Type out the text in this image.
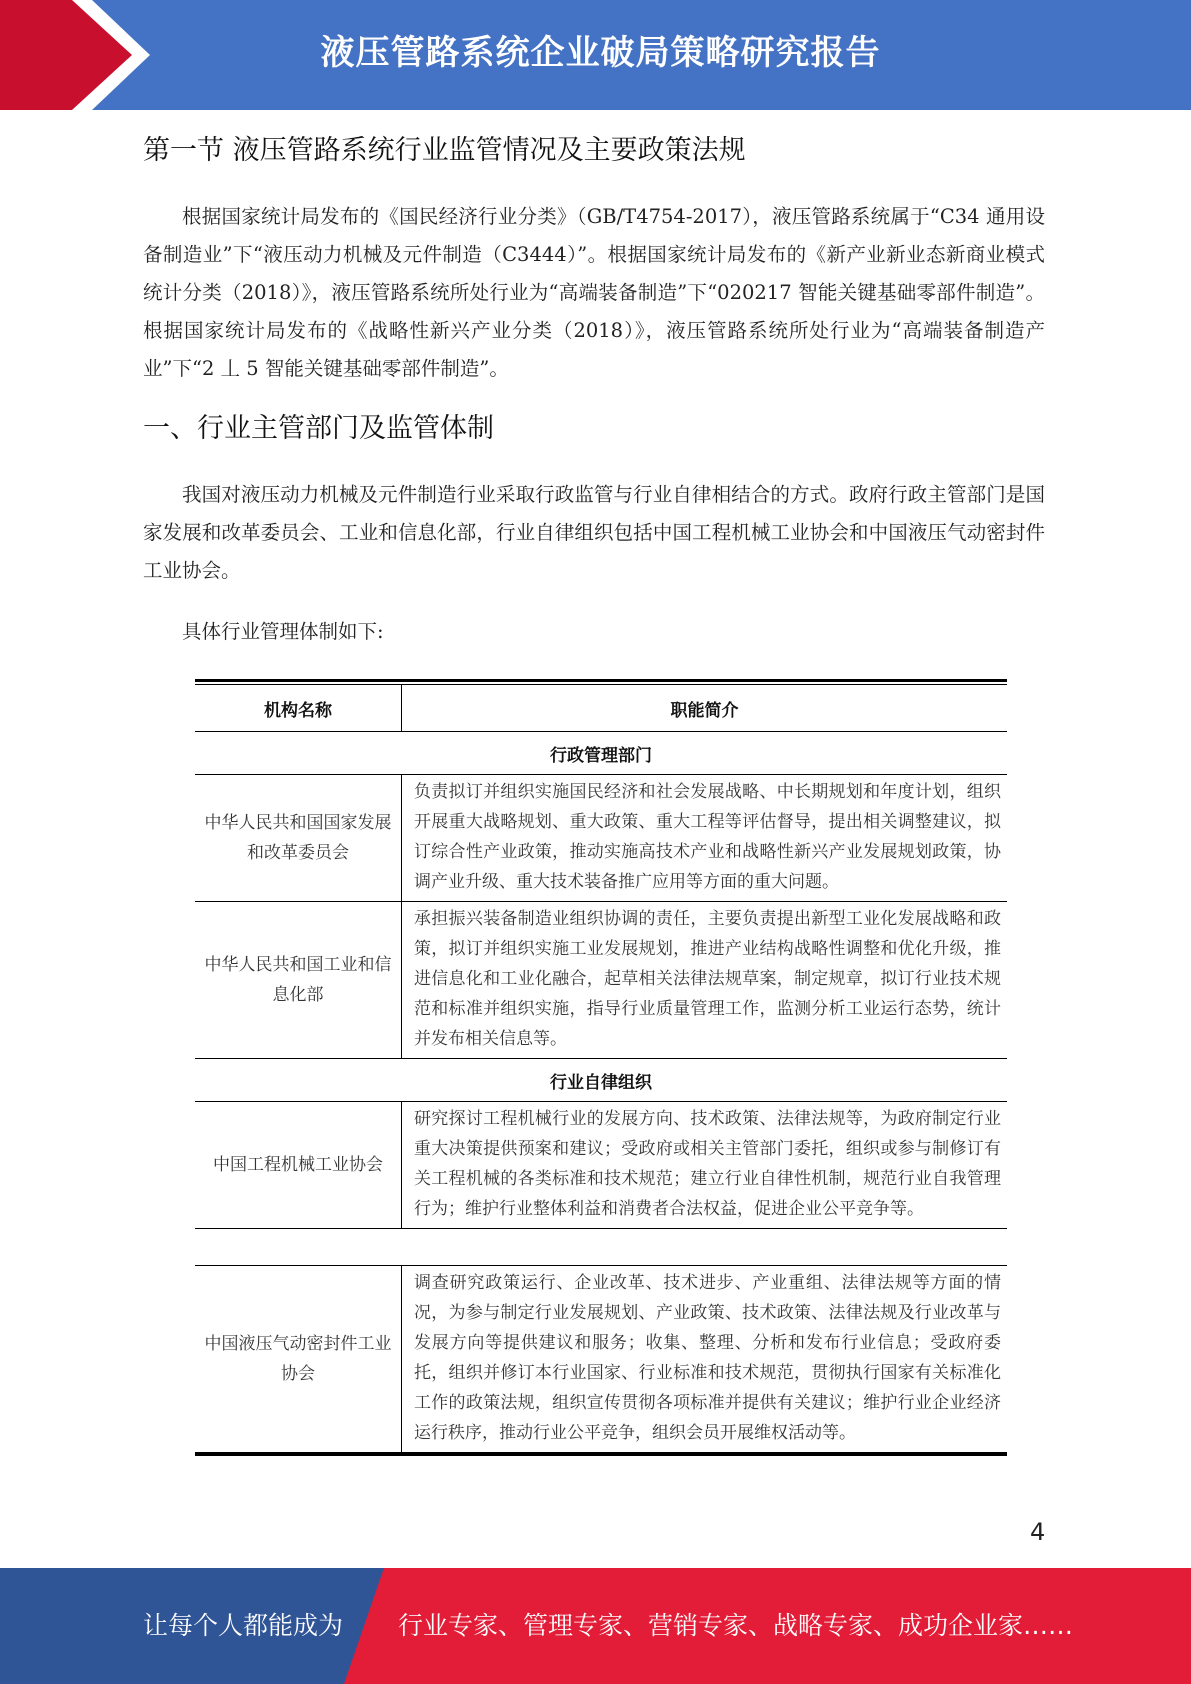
液压管路系统企业破局策略研究报告
第一节 液压管路系统行业监管情况及主要政策法规

根据国家统计局发布的《国民经济行业分类》（GB/T4754-2017），液压管路系统属于“C34 通用设备制造业”下“液压动力机械及元件制造（C3444）”。根据国家统计局发布的《新产业新业态新商业模式统计分类（2018）》，液压管路系统所处行业为“高端装备制造”下“020217 智能关键基础零部件制造”。根据国家统计局发布的《战略性新兴产业分类（2018）》，液压管路系统所处行业为“高端装备制造产业”下“2 丄 5 智能关键基础零部件制造”。

一、行业主管部门及监管体制

我国对液压动力机械及元件制造行业采取行政监管与行业自律相结合的方式。政府行政主管部门是国家发展和改革委员会、工业和信息化部，行业自律组织包括中国工程机械工业协会和中国液压气动密封件工业协会。

具体行业管理体制如下:

机构名称	职能简介
行政管理部门	
中华人民共和国国家发展和改革委员会	负责拟订并组织实施国民经济和社会发展战略、中长期规划和年度计划，组织开展重大战略规划、重大政策、重大工程等评估督导，提出相关调整建议，拟订综合性产业政策，推动实施高技术产业和战略性新兴产业发展规划政策，协调产业升级、重大技术装备推广应用等方面的重大问题。
中华人民共和国工业和信息化部	承担振兴装备制造业组织协调的责任，主要负责提出新型工业化发展战略和政策，拟订并组织实施工业发展规划，推进产业结构战略性调整和优化升级，推进信息化和工业化融合，起草相关法律法规草案，制定规章，拟订行业技术规范和标准并组织实施，指导行业质量管理工作，监测分析工业运行态势，统计并发布相关信息等。
行业自律组织	
中国工程机械工业协会	研究探讨工程机械行业的发展方向、技术政策、法律法规等，为政府制定行业重大决策提供预案和建议；受政府或相关主管部门委托，组织或参与制修订有关工程机械的各类标准和技术规范；建立行业自律性机制，规范行业自我管理行为；维护行业整体利益和消费者合法权益，促进企业公平竞争等。

中国液压气动密封件工业协会	调查研究政策运行、企业改革、技术进步、产业重组、法律法规等方面的情况，为参与制定行业发展规划、产业政策、技术政策、法律法规及行业改革与发展方向等提供建议和服务；收集、整理、分析和发布行业信息；受政府委托，组织并修订本行业国家、行业标准和技术规范，贯彻执行国家有关标准化工作的政策法规，组织宣传贯彻各项标准并提供有关建议；维护行业企业经济运行秩序，推动行业公平竞争，组织会员开展维权活动等。
4
让每个人都能成为 行业专家、管理专家、营销专家、战略专家、成功企业家……
